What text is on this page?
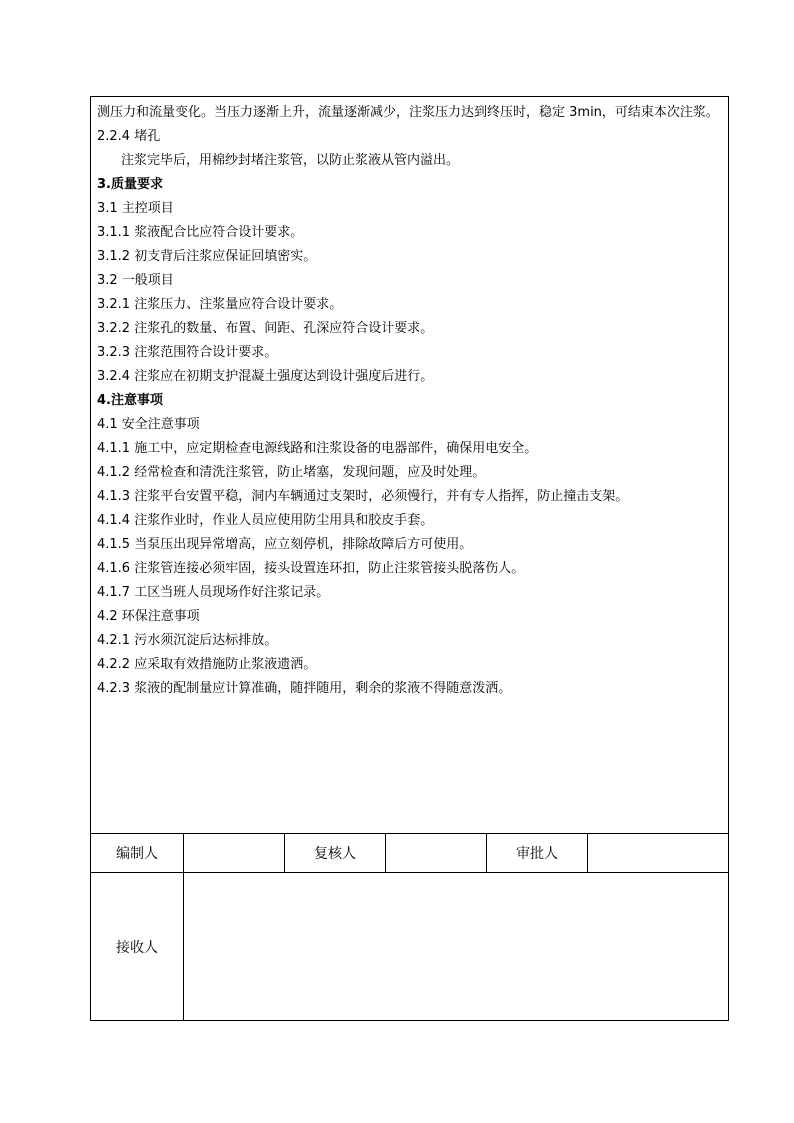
测压力和流量变化。当压力逐渐上升，流量逐渐减少，注浆压力达到终压时，稳定 3min，可结束本次注浆。
2.2.4 堵孔
注浆完毕后，用棉纱封堵注浆管，以防止浆液从管内溢出。
3.质量要求
3.1 主控项目
3.1.1 浆液配合比应符合设计要求。
3.1.2 初支背后注浆应保证回填密实。
3.2 一般项目
3.2.1 注浆压力、注浆量应符合设计要求。
3.2.2 注浆孔的数量、布置、间距、孔深应符合设计要求。
3.2.3 注浆范围符合设计要求。
3.2.4 注浆应在初期支护混凝土强度达到设计强度后进行。
4.注意事项
4.1 安全注意事项
4.1.1 施工中，应定期检查电源线路和注浆设备的电器部件，确保用电安全。
4.1.2 经常检查和清洗注浆管，防止堵塞，发现问题，应及时处理。
4.1.3 注浆平台安置平稳，洞内车辆通过支架时，必须慢行，并有专人指挥，防止撞击支架。
4.1.4 注浆作业时，作业人员应使用防尘用具和胶皮手套。
4.1.5 当泵压出现异常增高，应立刻停机，排除故障后方可使用。
4.1.6 注浆管连接必须牢固，接头设置连环扣，防止注浆管接头脱落伤人。
4.1.7 工区当班人员现场作好注浆记录。
4.2 环保注意事项
4.2.1 污水须沉淀后达标排放。
4.2.2 应采取有效措施防止浆液遗洒。
4.2.3 浆液的配制量应计算准确，随拌随用，剩余的浆液不得随意泼洒。
编制人	复核人	审批人
接收人
